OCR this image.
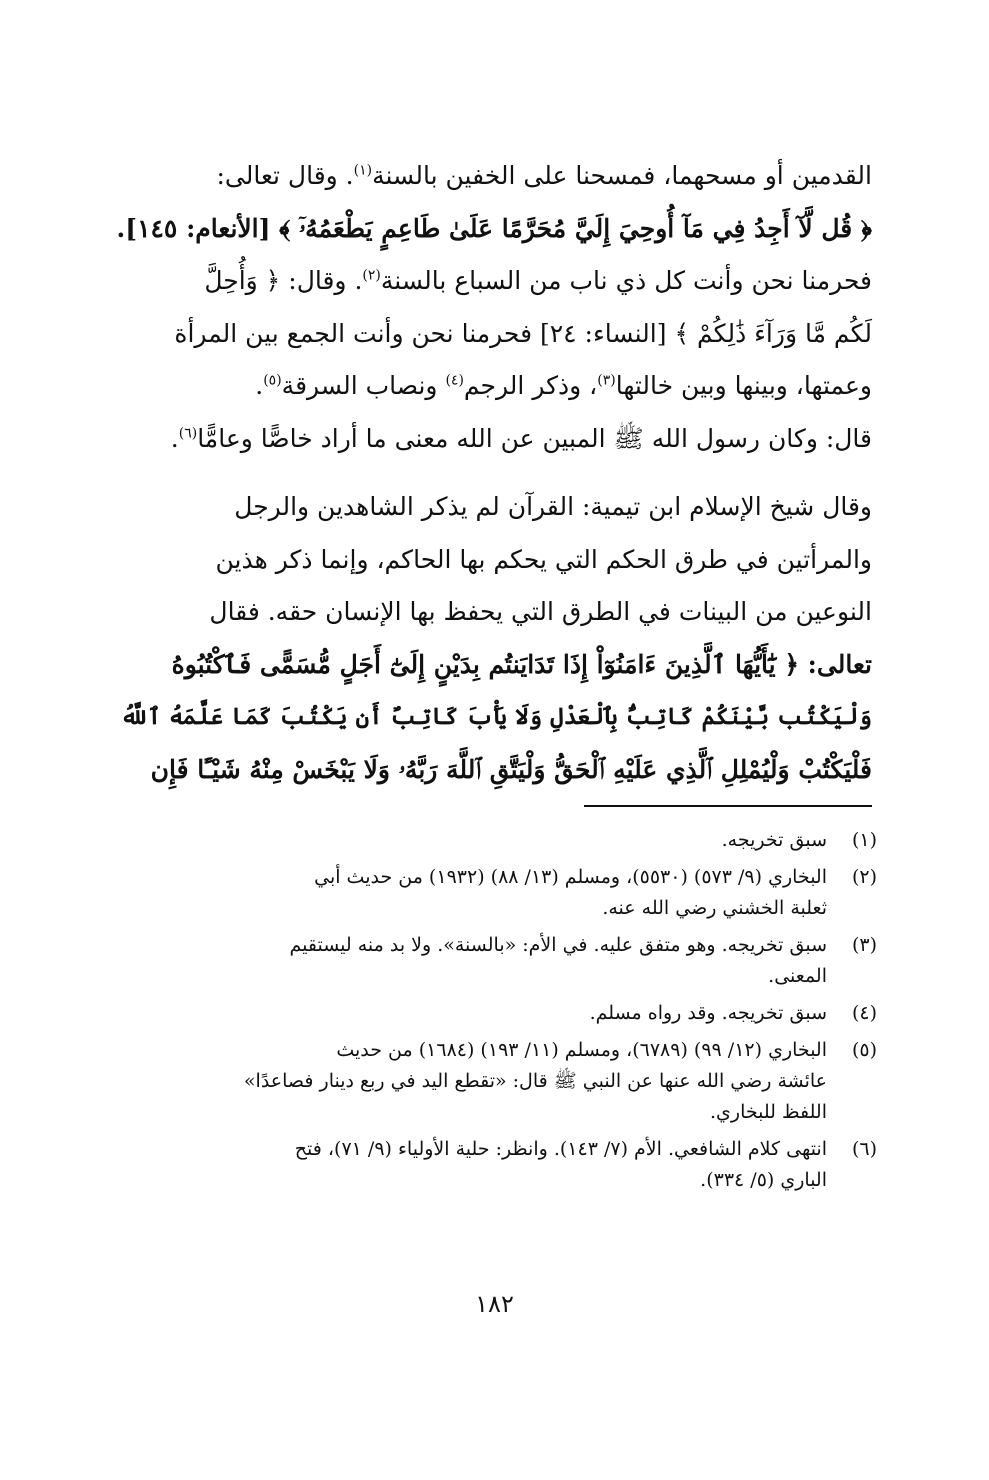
القدمين أو مسحهما، فمسحنا على الخفين بالسنة$^{(١)}$. وقال تعالى:
﴿ قُل لَّآ أَجِدُ فِي مَآ أُوحِيَ إِلَيَّ مُحَرَّمًا عَلَىٰ طَاعِمٍ يَطْعَمُهُۥٓ ﴾ [الأنعام: ١٤٥].
فحرمنا نحن وأنت كل ذي ناب من السباع بالسنة$^{(٢)}$. وقال: ﴿ وَأُحِلَّ
لَكُم مَّا وَرَآءَ ذَٰلِكُمْ ﴾ [النساء: ٢٤] فحرمنا نحن وأنت الجمع بين المرأة
وعمتها، وبينها وبين خالتها$^{(٣)}$، وذكر الرجم$^{(٤)}$ ونصاب السرقة$^{(٥)}$.
قال: وكان رسول الله ﷺ المبين عن الله معنى ما أراد خاصًّا وعامًّا$^{(٦)}$.
وقال شيخ الإسلام ابن تيمية: القرآن لم يذكر الشاهدين والرجل
والمرأتين في طرق الحكم التي يحكم بها الحاكم، وإنما ذكر هذين
النوعين من البينات في الطرق التي يحفظ بها الإنسان حقه. فقال
تعالى: ﴿ يَٰٓأَيُّهَا ٱلَّذِينَ ءَامَنُوٓاْ إِذَا تَدَايَنتُم بِدَيْنٍ إِلَىٰٓ أَجَلٍ مُّسَمًّى فَٱكْتُبُوهُ
وَلْيَكْتُب بَّيْنَكُمْ كَاتِبٌۢ بِٱلْعَدْلِ وَلَا يَأْبَ كَاتِبٌ أَن يَكْتُبَ كَمَا عَلَّمَهُ ٱللَّهُ
فَلْيَكْتُبْ وَلْيُمْلِلِ ٱلَّذِي عَلَيْهِ ٱلْحَقُّ وَلْيَتَّقِ ٱللَّهَ رَبَّهُۥ وَلَا يَبْخَسْ مِنْهُ شَيْـًٔا فَإِن
(١)
سبق تخريجه.
(٢)
البخاري (٩/ ٥٧٣) (٥٥٣٠)، ومسلم (١٣/ ٨٨) (١٩٣٢) من حديث أبي
ثعلبة الخشني رضي الله عنه.
(٣)
سبق تخريجه. وهو متفق عليه. في الأم: «بالسنة». ولا بد منه ليستقيم
المعنى.
(٤)
سبق تخريجه. وقد رواه مسلم.
(٥)
البخاري (١٢/ ٩٩) (٦٧٨٩)، ومسلم (١١/ ١٩٣) (١٦٨٤) من حديث
عائشة رضي الله عنها عن النبي ﷺ قال: «تقطع اليد في ربع دينار فصاعدًا»
اللفظ للبخاري.
(٦)
انتهى كلام الشافعي. الأم (٧/ ١٤٣). وانظر: حلية الأولياء (٩/ ٧١)، فتح
الباري (٥/ ٣٣٤).
١٨٢
